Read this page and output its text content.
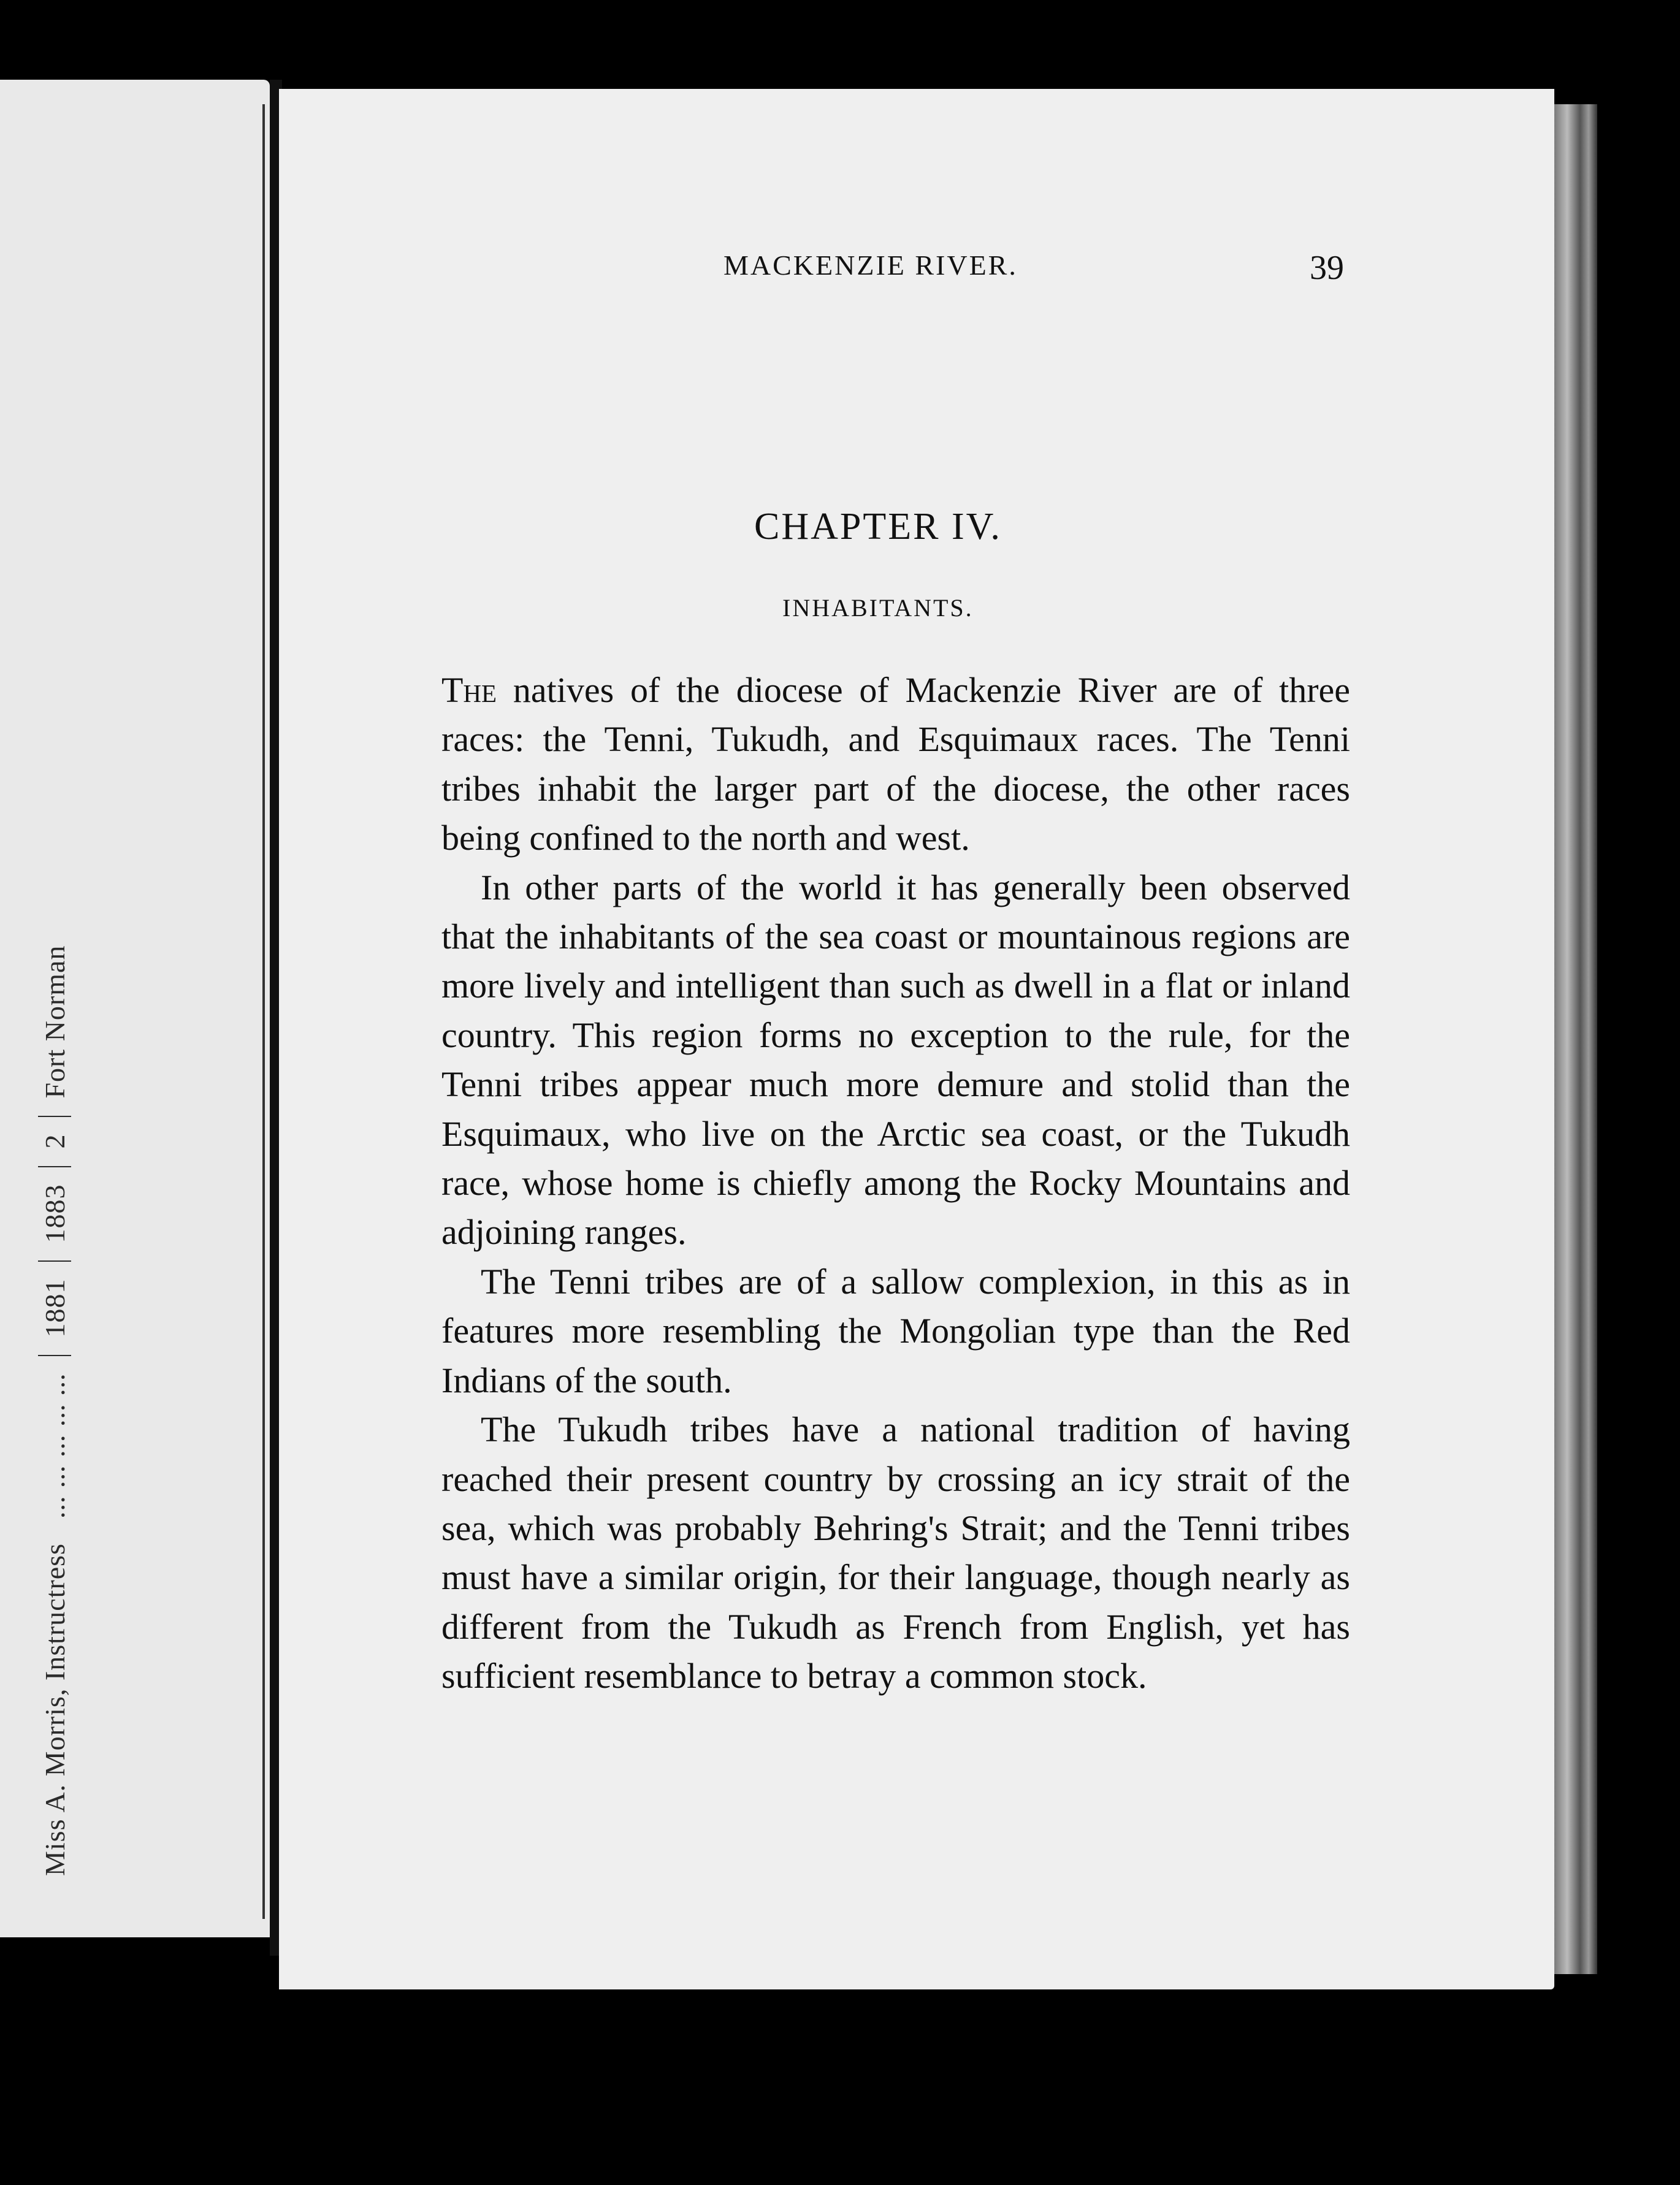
Miss A. Morris, Instructress
... ... ... ... ...
1881
1883
2
Fort Norman
MACKENZIE RIVER.	39
CHAPTER IV.
INHABITANTS.

The natives of the diocese of Mackenzie River are of three races: the Tenni, Tukudh, and Esquimaux races. The Tenni tribes inhabit the larger part of the diocese, the other races being confined to the north and west.

In other parts of the world it has generally been observed that the inhabitants of the sea coast or mountainous regions are more lively and intelligent than such as dwell in a flat or inland country. This region forms no exception to the rule, for the Tenni tribes appear much more demure and stolid than the Esquimaux, who live on the Arctic sea coast, or the Tukudh race, whose home is chiefly among the Rocky Mountains and adjoining ranges.

The Tenni tribes are of a sallow complexion, in this as in features more resembling the Mongolian type than the Red Indians of the south.

The Tukudh tribes have a national tradition of having reached their present country by crossing an icy strait of the sea, which was probably Behring's Strait; and the Tenni tribes must have a similar origin, for their language, though nearly as different from the Tukudh as French from English, yet has sufficient resemblance to betray a common stock.
